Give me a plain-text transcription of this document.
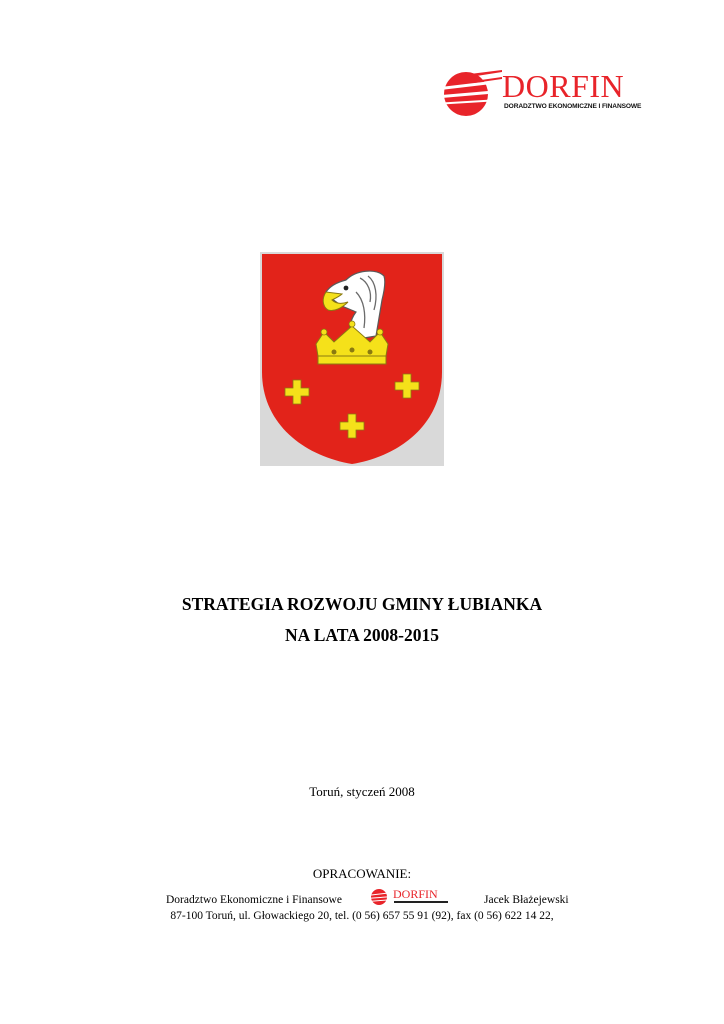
DORFIN
DORADZTWO EKONOMICZNE I FINANSOWE
STRATEGIA ROZWOJU GMINY ŁUBIANKA
NA LATA 2008-2015
Toruń, styczeń 2008
OPRACOWANIE:
Doradztwo Ekonomiczne i Finansowe	DORFIN	Jacek Błażejewski
87-100 Toruń, ul. Głowackiego 20, tel. (0 56) 657 55 91 (92), fax (0 56) 622 14 22,
